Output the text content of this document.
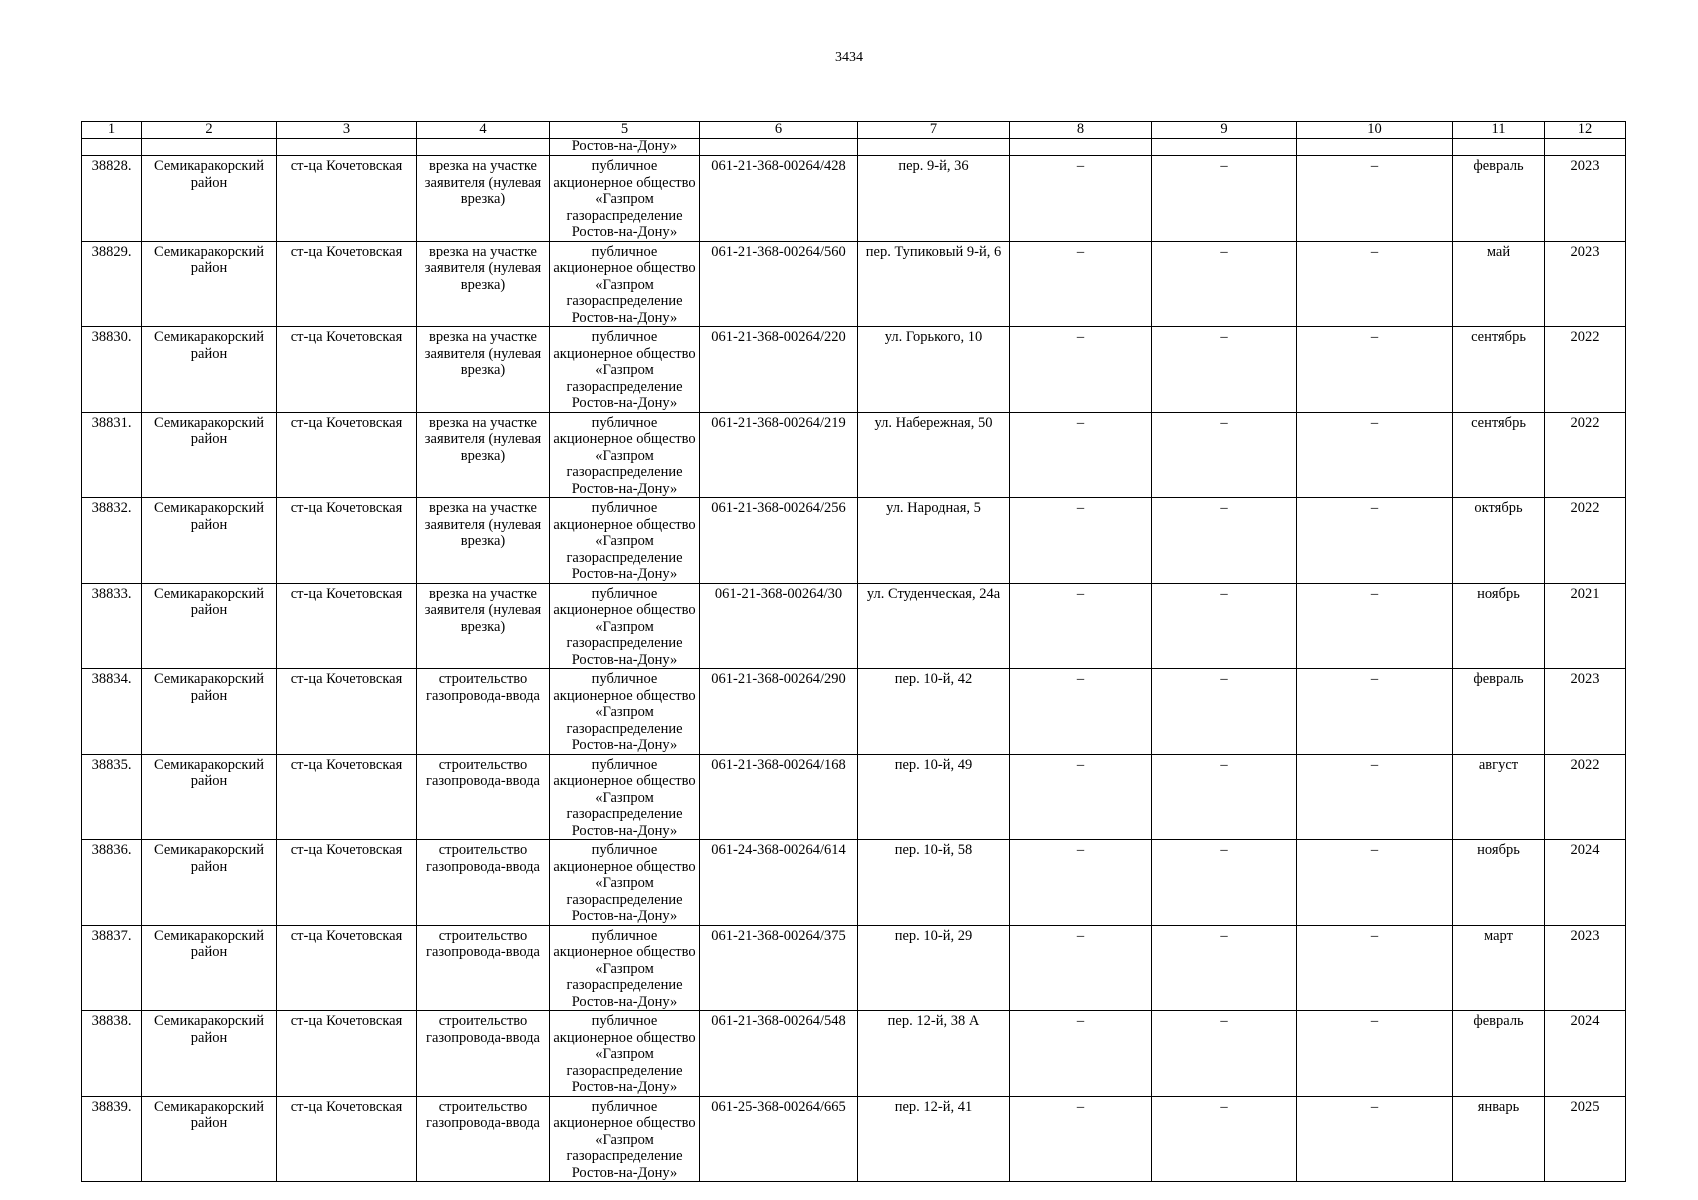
3434
1	2	3	4	5	6	7	8	9	10	11	12
				Ростов-на-Дону»							
38828.	Семикаракорский район	ст-ца Кочетовская	врезка на участке заявителя (нулевая врезка)	публичное акционерное общество «Газпром газораспределение Ростов-на-Дону»	061-21-368-00264/428	пер. 9-й, 36	–	–	–	февраль	2023
38829.	Семикаракорский район	ст-ца Кочетовская	врезка на участке заявителя (нулевая врезка)	публичное акционерное общество «Газпром газораспределение Ростов-на-Дону»	061-21-368-00264/560	пер. Тупиковый 9-й, 6	–	–	–	май	2023
38830.	Семикаракорский район	ст-ца Кочетовская	врезка на участке заявителя (нулевая врезка)	публичное акционерное общество «Газпром газораспределение Ростов-на-Дону»	061-21-368-00264/220	ул. Горького, 10	–	–	–	сентябрь	2022
38831.	Семикаракорский район	ст-ца Кочетовская	врезка на участке заявителя (нулевая врезка)	публичное акционерное общество «Газпром газораспределение Ростов-на-Дону»	061-21-368-00264/219	ул. Набережная, 50	–	–	–	сентябрь	2022
38832.	Семикаракорский район	ст-ца Кочетовская	врезка на участке заявителя (нулевая врезка)	публичное акционерное общество «Газпром газораспределение Ростов-на-Дону»	061-21-368-00264/256	ул. Народная, 5	–	–	–	октябрь	2022
38833.	Семикаракорский район	ст-ца Кочетовская	врезка на участке заявителя (нулевая врезка)	публичное акционерное общество «Газпром газораспределение Ростов-на-Дону»	061-21-368-00264/30	ул. Студенческая, 24а	–	–	–	ноябрь	2021
38834.	Семикаракорский район	ст-ца Кочетовская	строительство газопровода-ввода	публичное акционерное общество «Газпром газораспределение Ростов-на-Дону»	061-21-368-00264/290	пер. 10-й, 42	–	–	–	февраль	2023
38835.	Семикаракорский район	ст-ца Кочетовская	строительство газопровода-ввода	публичное акционерное общество «Газпром газораспределение Ростов-на-Дону»	061-21-368-00264/168	пер. 10-й, 49	–	–	–	август	2022
38836.	Семикаракорский район	ст-ца Кочетовская	строительство газопровода-ввода	публичное акционерное общество «Газпром газораспределение Ростов-на-Дону»	061-24-368-00264/614	пер. 10-й, 58	–	–	–	ноябрь	2024
38837.	Семикаракорский район	ст-ца Кочетовская	строительство газопровода-ввода	публичное акционерное общество «Газпром газораспределение Ростов-на-Дону»	061-21-368-00264/375	пер. 10-й, 29	–	–	–	март	2023
38838.	Семикаракорский район	ст-ца Кочетовская	строительство газопровода-ввода	публичное акционерное общество «Газпром газораспределение Ростов-на-Дону»	061-21-368-00264/548	пер. 12-й, 38 А	–	–	–	февраль	2024
38839.	Семикаракорский район	ст-ца Кочетовская	строительство газопровода-ввода	публичное акционерное общество «Газпром газораспределение Ростов-на-Дону»	061-25-368-00264/665	пер. 12-й, 41	–	–	–	январь	2025
